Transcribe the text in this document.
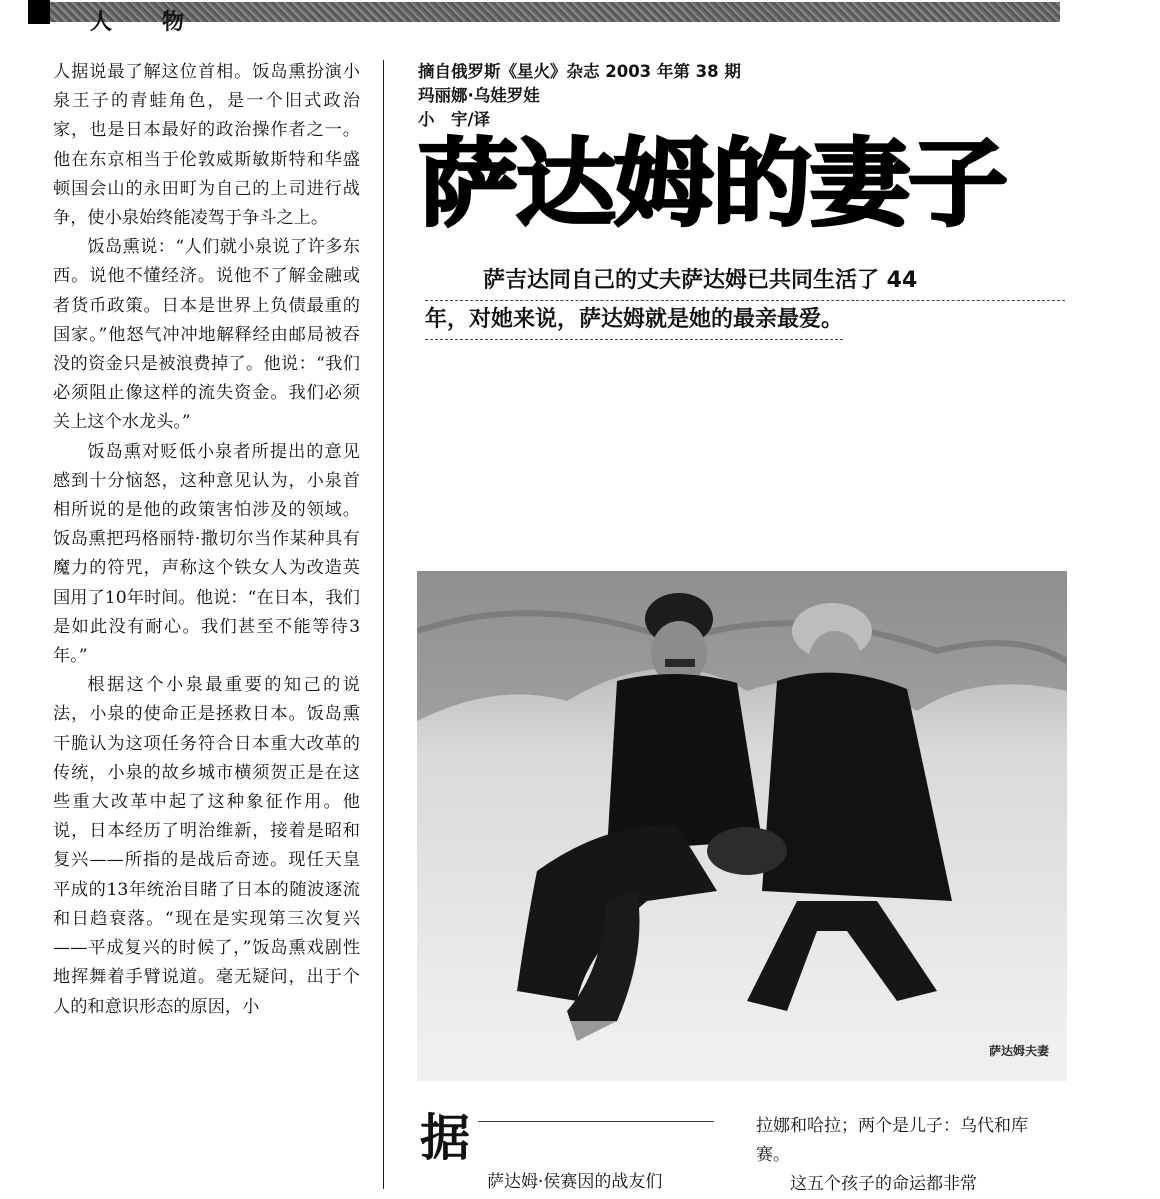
人物

人据说最了解这位首相。饭岛熏扮演小泉王子的青蛙角色，是一个旧式政治家，也是日本最好的政治操作者之一。他在东京相当于伦敦威斯敏斯特和华盛顿国会山的永田町为自己的上司进行战争，使小泉始终能凌驾于争斗之上。

饭岛熏说：“人们就小泉说了许多东西。说他不懂经济。说他不了解金融或者货币政策。日本是世界上负债最重的国家。”他怒气冲冲地解释经由邮局被吞没的资金只是被浪费掉了。他说：“我们必须阻止像这样的流失资金。我们必须关上这个水龙头。”

饭岛熏对贬低小泉者所提出的意见感到十分恼怒，这种意见认为，小泉首相所说的是他的政策害怕涉及的领域。饭岛熏把玛格丽特·撒切尔当作某种具有魔力的符咒，声称这个铁女人为改造英国用了10年时间。他说：“在日本，我们是如此没有耐心。我们甚至不能等待3年。”

根据这个小泉最重要的知己的说法，小泉的使命正是拯救日本。饭岛熏干脆认为这项任务符合日本重大改革的传统，小泉的故乡城市横须贺正是在这些重大改革中起了这种象征作用。他说，日本经历了明治维新，接着是昭和复兴——所指的是战后奇迹。现任天皇平成的13年统治目睹了日本的随波逐流和日趋衰落。“现在是实现第三次复兴——平成复兴的时候了，”饭岛熏戏剧性地挥舞着手臂说道。毫无疑问，出于个人的和意识形态的原因，小

摘自俄罗斯《星火》杂志 2003 年第 38 期
玛丽娜·乌娃罗娃
小　宇/译
萨达姆的妻子
萨吉达同自己的丈夫萨达姆已共同生活了 44
年，对她来说，萨达姆就是她的最亲最爱。
萨达姆夫妻
据
萨达姆·侯赛因的战友们

拉娜和哈拉；两个是儿子：乌代和库赛。

这五个孩子的命运都非常
